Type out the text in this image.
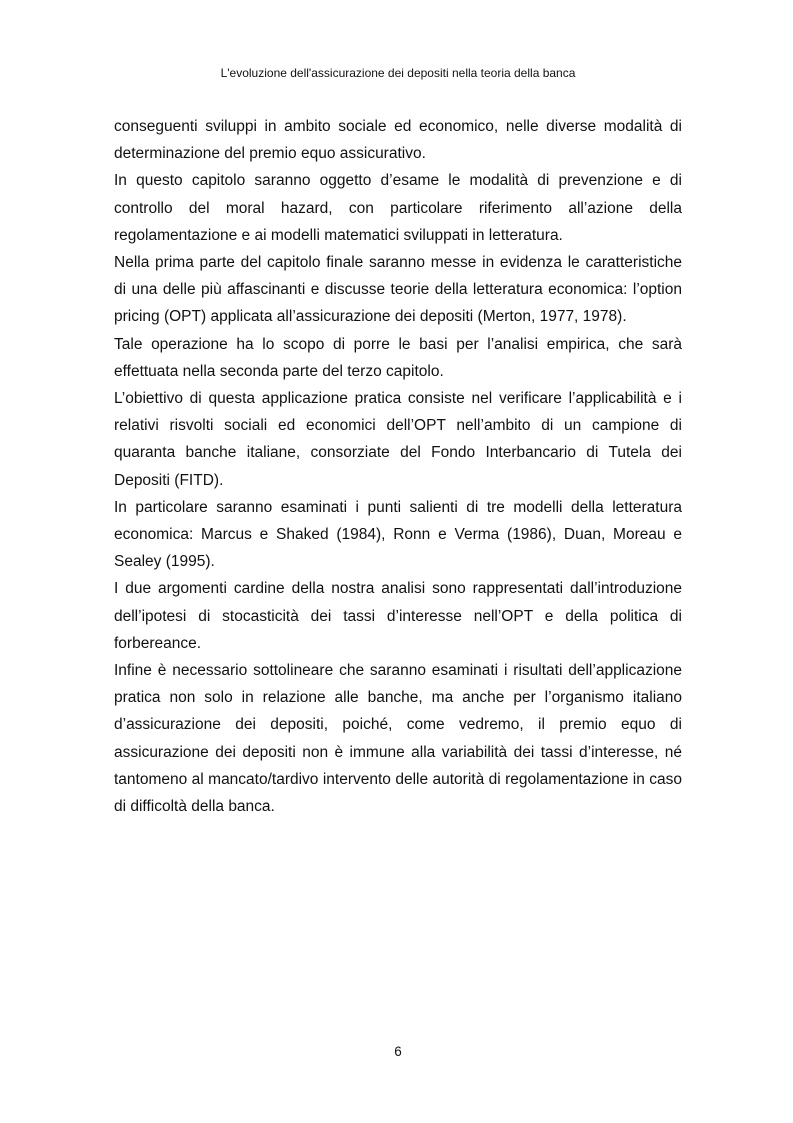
L'evoluzione dell'assicurazione dei depositi nella teoria della banca

conseguenti sviluppi in ambito sociale ed economico, nelle diverse modalità di determinazione del premio equo assicurativo.

In questo capitolo saranno oggetto d’esame le modalità di prevenzione e di controllo del moral hazard, con particolare riferimento all’azione della regolamentazione e ai modelli matematici sviluppati in letteratura.

Nella prima parte del capitolo finale saranno messe in evidenza le caratteristiche di una delle più affascinanti e discusse teorie della letteratura economica: l’option pricing (OPT) applicata all’assicurazione dei depositi (Merton, 1977, 1978).

Tale operazione ha lo scopo di porre le basi per l’analisi empirica, che sarà effettuata nella seconda parte del terzo capitolo.

L’obiettivo di questa applicazione pratica consiste nel verificare l’applicabilità e i relativi risvolti sociali ed economici dell’OPT nell’ambito di un campione di quaranta banche italiane, consorziate del Fondo Interbancario di Tutela dei Depositi (FITD).

In particolare saranno esaminati i punti salienti di tre modelli della letteratura economica: Marcus e Shaked (1984), Ronn e Verma (1986), Duan, Moreau e Sealey (1995).

I due argomenti cardine della nostra analisi sono rappresentati dall’introduzione dell’ipotesi di stocasticità dei tassi d’interesse nell’OPT e della politica di forbereance.

Infine è necessario sottolineare che saranno esaminati i risultati dell’applicazione pratica non solo in relazione alle banche, ma anche per l’organismo italiano d’assicurazione dei depositi, poiché, come vedremo, il premio equo di assicurazione dei depositi non è immune alla variabilità dei tassi d’interesse, né tantomeno al mancato/tardivo intervento delle autorità di regolamentazione in caso di difficoltà della banca.

6
